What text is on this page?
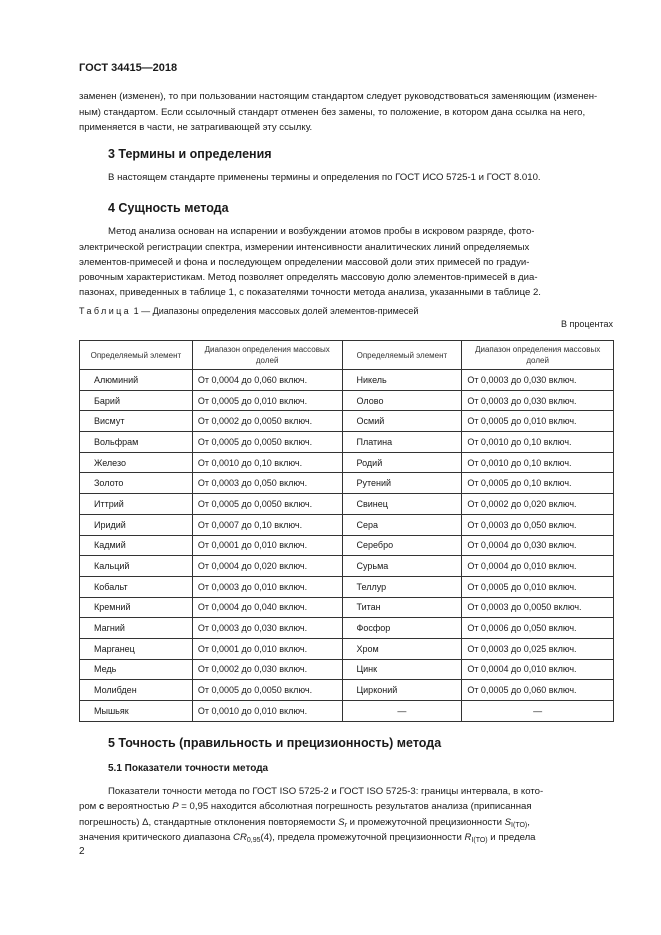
ГОСТ 34415—2018
заменен (изменен), то при пользовании настоящим стандартом следует руководствоваться заменяющим (изменен-
ным) стандартом. Если ссылочный стандарт отменен без замены, то положение, в котором дана ссылка на него,
применяется в части, не затрагивающей эту ссылку.
3 Термины и определения
В настоящем стандарте применены термины и определения по ГОСТ ИСО 5725-1 и ГОСТ 8.010.
4 Сущность метода
Метод анализа основан на испарении и возбуждении атомов пробы в искровом разряде, фото-
электрической регистрации спектра, измерении интенсивности аналитических линий определяемых
элементов-примесей и фона и последующем определении массовой доли этих примесей по градуи-
ровочным характеристикам. Метод позволяет определять массовую долю элементов-примесей в диа-
пазонах, приведенных в таблице 1, с показателями точности метода анализа, указанными в таблице 2.
Таблица 1 — Диапазоны определения массовых долей элементов-примесей
В процентах
Определяемый элемент	Диапазон определения массовых долей	Определяемый элемент	Диапазон определения массовых долей
Алюминий	От 0,0004 до 0,060 включ.	Никель	От 0,0003 до 0,030 включ.
Барий	От 0,0005 до 0,010 включ.	Олово	От 0,0003 до 0,030 включ.
Висмут	От 0,0002 до 0,0050 включ.	Осмий	От 0,0005 до 0,010 включ.
Вольфрам	От 0,0005 до 0,0050 включ.	Платина	От 0,0010 до 0,10 включ.
Железо	От 0,0010 до 0,10 включ.	Родий	От 0,0010 до 0,10 включ.
Золото	От 0,0003 до 0,050 включ.	Рутений	От 0,0005 до 0,10 включ.
Иттрий	От 0,0005 до 0,0050 включ.	Свинец	От 0,0002 до 0,020 включ.
Иридий	От 0,0007 до 0,10 включ.	Сера	От 0,0003 до 0,050 включ.
Кадмий	От 0,0001 до 0,010 включ.	Серебро	От 0,0004 до 0,030 включ.
Кальций	От 0,0004 до 0,020 включ.	Сурьма	От 0,0004 до 0,010 включ.
Кобальт	От 0,0003 до 0,010 включ.	Теллур	От 0,0005 до 0,010 включ.
Кремний	От 0,0004 до 0,040 включ.	Титан	От 0,0003 до 0,0050 включ.
Магний	От 0,0003 до 0,030 включ.	Фосфор	От 0,0006 до 0,050 включ.
Марганец	От 0,0001 до 0,010 включ.	Хром	От 0,0003 до 0,025 включ.
Медь	От 0,0002 до 0,030 включ.	Цинк	От 0,0004 до 0,010 включ.
Молибден	От 0,0005 до 0,0050 включ.	Цирконий	От 0,0005 до 0,060 включ.
Мышьяк	От 0,0010 до 0,010 включ.	—	—
5 Точность (правильность и прецизионность) метода
5.1 Показатели точности метода
Показатели точности метода по ГОСТ ISO 5725-2 и ГОСТ ISO 5725-3: границы интервала, в кото-
ром с вероятностью P = 0,95 находится абсолютная погрешность результатов анализа (приписанная
погрешность) Δ, стандартные отклонения повторяемости $S_r$ и промежуточной прецизионности $S_{I(TO)}$,
значения критического диапазона $CR_{0,95}(4)$, предела промежуточной прецизионности $R_{I(TO)}$ и предела
2
